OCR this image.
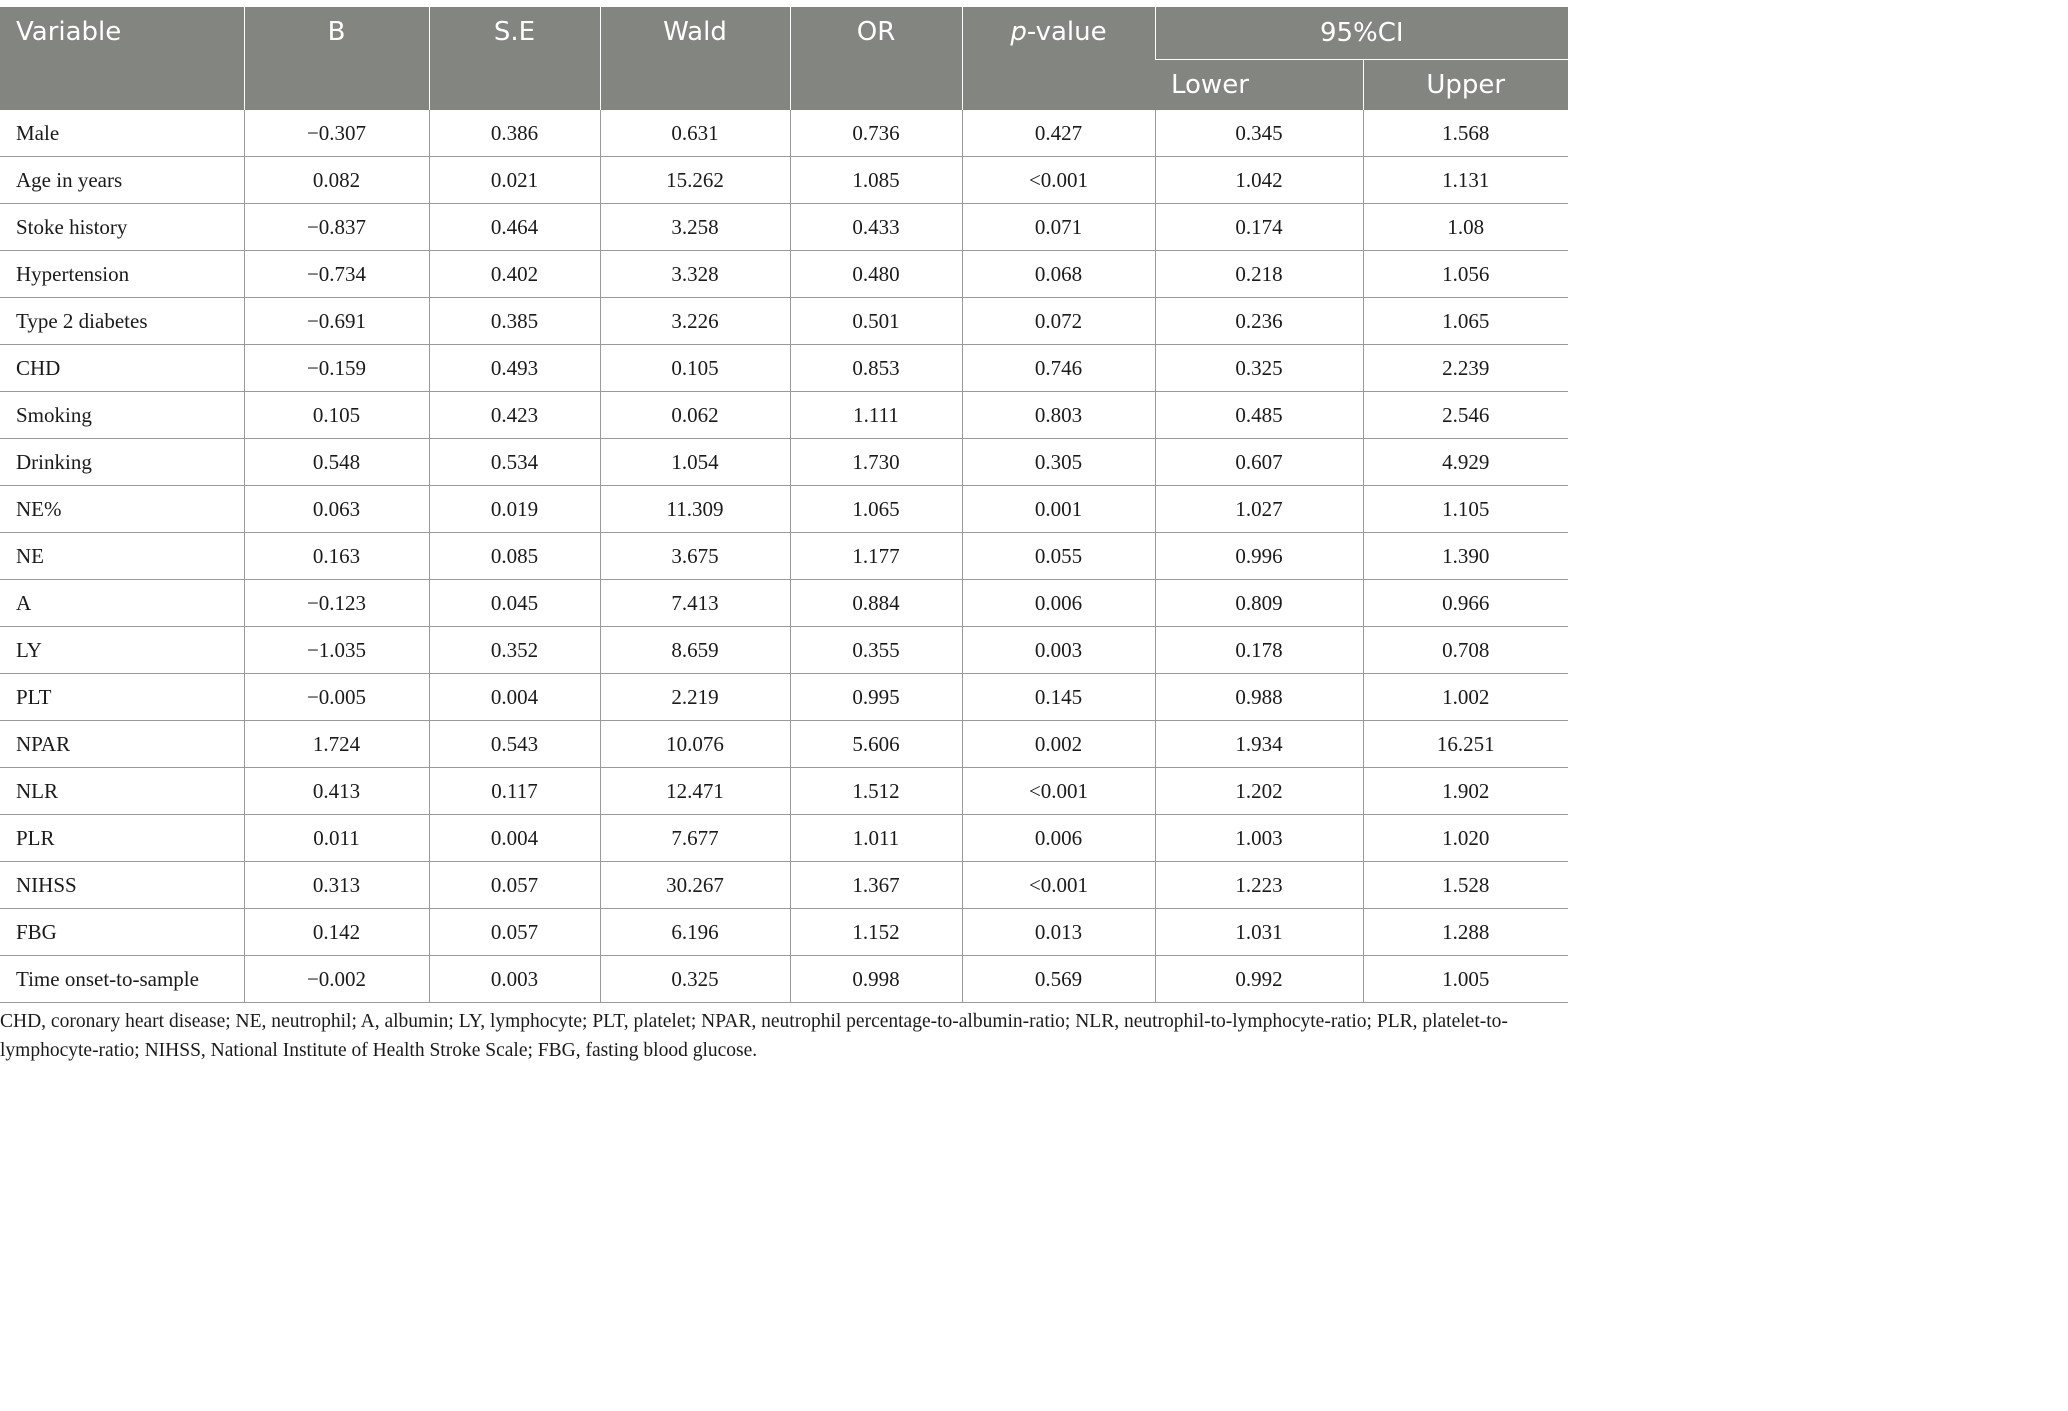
Variable	B	S.E	Wald	OR	p-value	95%CI	
						Lower	Upper
Male	−0.307	0.386	0.631	0.736	0.427	0.345	1.568
Age in years	0.082	0.021	15.262	1.085	<0.001	1.042	1.131
Stoke history	−0.837	0.464	3.258	0.433	0.071	0.174	1.08
Hypertension	−0.734	0.402	3.328	0.480	0.068	0.218	1.056
Type 2 diabetes	−0.691	0.385	3.226	0.501	0.072	0.236	1.065
CHD	−0.159	0.493	0.105	0.853	0.746	0.325	2.239
Smoking	0.105	0.423	0.062	1.111	0.803	0.485	2.546
Drinking	0.548	0.534	1.054	1.730	0.305	0.607	4.929
NE%	0.063	0.019	11.309	1.065	0.001	1.027	1.105
NE	0.163	0.085	3.675	1.177	0.055	0.996	1.390
A	−0.123	0.045	7.413	0.884	0.006	0.809	0.966
LY	−1.035	0.352	8.659	0.355	0.003	0.178	0.708
PLT	−0.005	0.004	2.219	0.995	0.145	0.988	1.002
NPAR	1.724	0.543	10.076	5.606	0.002	1.934	16.251
NLR	0.413	0.117	12.471	1.512	<0.001	1.202	1.902
PLR	0.011	0.004	7.677	1.011	0.006	1.003	1.020
NIHSS	0.313	0.057	30.267	1.367	<0.001	1.223	1.528
FBG	0.142	0.057	6.196	1.152	0.013	1.031	1.288
Time onset-to-sample	−0.002	0.003	0.325	0.998	0.569	0.992	1.005

CHD, coronary heart disease; NE, neutrophil; A, albumin; LY, lymphocyte; PLT, platelet; NPAR, neutrophil percentage-to-albumin-ratio; NLR, neutrophil-to-lymphocyte-ratio; PLR, platelet-to-lymphocyte-ratio; NIHSS, National Institute of Health Stroke Scale; FBG, fasting blood glucose.
